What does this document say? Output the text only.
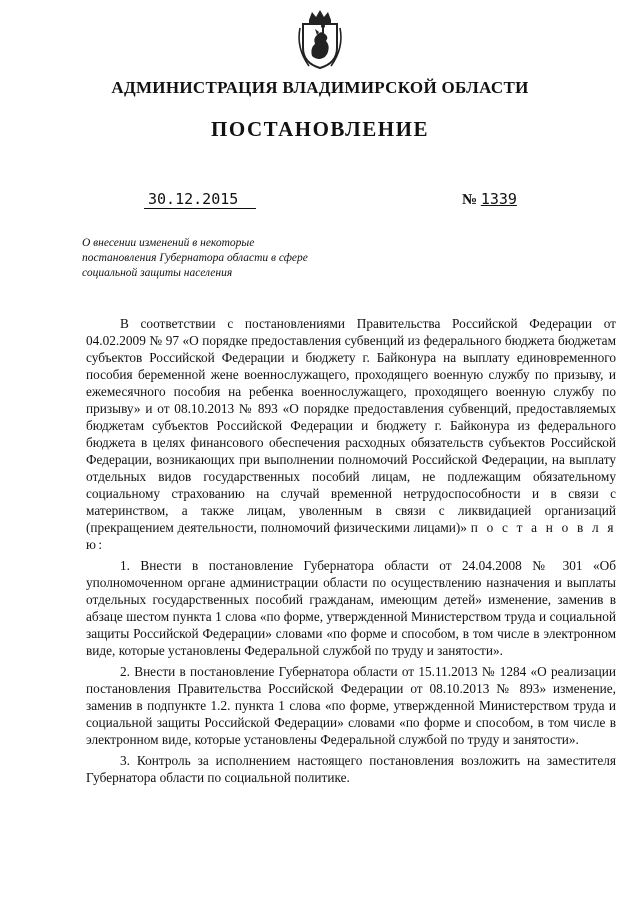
АДМИНИСТРАЦИЯ ВЛАДИМИРСКОЙ ОБЛАСТИ
ПОСТАНОВЛЕНИЕ
30.12.2015	№ 1339
О внесении изменений в некоторые постановления Губернатора области в сфере социальной защиты населения

В соответствии с постановлениями Правительства Российской Федерации от 04.02.2009 № 97 «О порядке предоставления субвенций из федерального бюджета бюджетам субъектов Российской Федерации и бюджету г. Байконура на выплату единовременного пособия беременной жене военнослужащего, проходящего военную службу по призыву, и ежемесячного пособия на ребенка военнослужащего, проходящего военную службу по призыву» и от 08.10.2013 № 893 «О порядке предоставления субвенций, предоставляемых бюджетам субъектов Российской Федерации и бюджету г. Байконура из федерального бюджета в целях финансового обеспечения расходных обязательств субъектов Российской Федерации, возникающих при выполнении полномочий Российской Федерации, на выплату отдельных видов государственных пособий лицам, не подлежащим обязательному социальному страхованию на случай временной нетрудоспособности и в связи с материнством, а также лицам, уволенным в связи с ликвидацией организаций (прекращением деятельности, полномочий физическими лицами)» п о с т а н о в л я ю:

1. Внести в постановление Губернатора области от 24.04.2008 № 301 «Об уполномоченном органе администрации области по осуществлению назначения и выплаты отдельных государственных пособий гражданам, имеющим детей» изменение, заменив в абзаце шестом пункта 1 слова «по форме, утвержденной Министерством труда и социальной защиты Российской Федерации» словами «по форме и способом, в том числе в электронном виде, которые установлены Федеральной службой по труду и занятости».

2. Внести в постановление Губернатора области от 15.11.2013 № 1284 «О реализации постановления Правительства Российской Федерации от 08.10.2013 № 893» изменение, заменив в подпункте 1.2. пункта 1 слова «по форме, утвержденной Министерством труда и социальной защиты Российской Федерации» словами «по форме и способом, в том числе в электронном виде, которые установлены Федеральной службой по труду и занятости».

3. Контроль за исполнением настоящего постановления возложить на заместителя Губернатора области по социальной политике.
